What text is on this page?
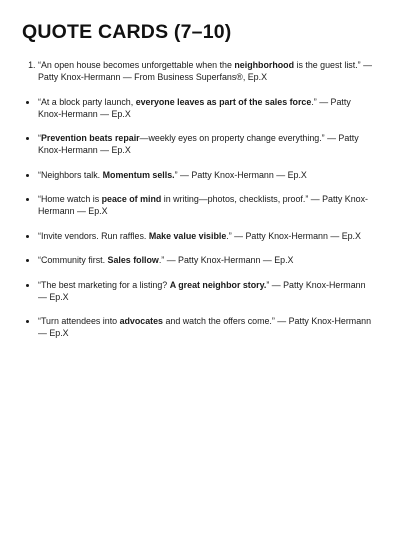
QUOTE CARDS (7–10)
1. “An open house becomes unforgettable when the neighborhood is the guest list.” — Patty Knox-Hermann — From Business Superfans®, Ep.X
• “At a block party launch, everyone leaves as part of the sales force.” — Patty Knox-Hermann — Ep.X
• “Prevention beats repair—weekly eyes on property change everything.” — Patty Knox-Hermann — Ep.X
• “Neighbors talk. Momentum sells.” — Patty Knox-Hermann — Ep.X
• “Home watch is peace of mind in writing—photos, checklists, proof.” — Patty Knox-Hermann — Ep.X
• “Invite vendors. Run raffles. Make value visible.” — Patty Knox-Hermann — Ep.X
• “Community first. Sales follow.” — Patty Knox-Hermann — Ep.X
• “The best marketing for a listing? A great neighbor story.” — Patty Knox-Hermann — Ep.X
• “Turn attendees into advocates and watch the offers come.” — Patty Knox-Hermann — Ep.X
